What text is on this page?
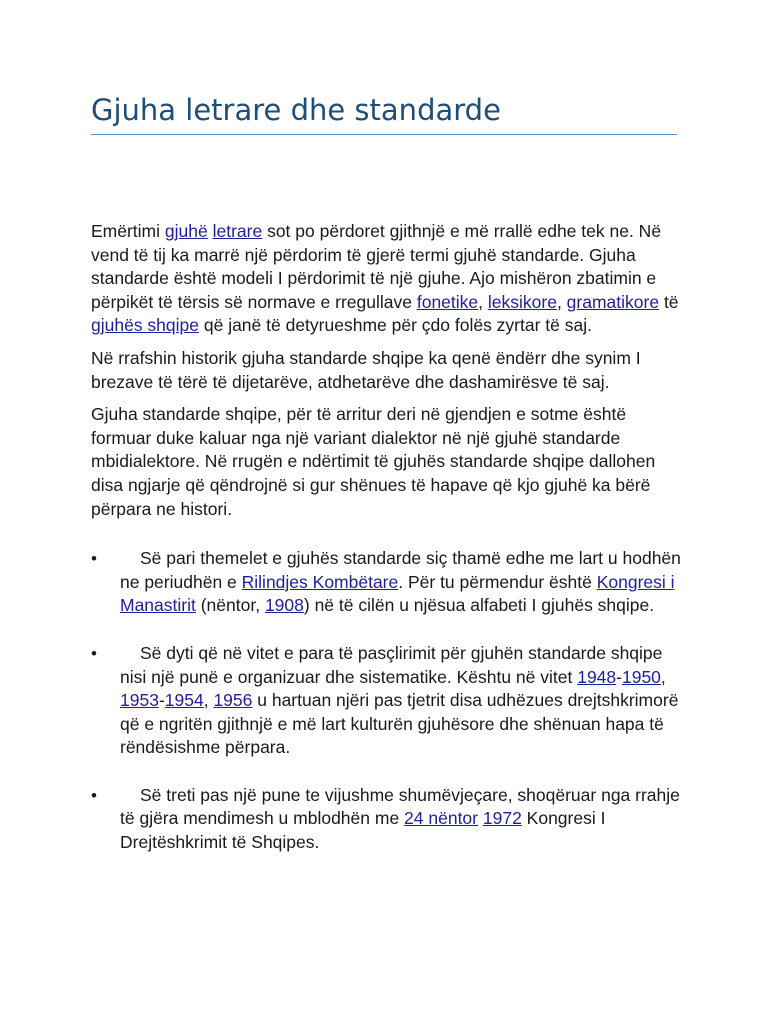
Gjuha letrare dhe standarde

Emërtimi gjuhë letrare sot po përdoret gjithnjë e më rrallë edhe tek ne. Në vend të tij ka marrë një përdorim të gjerë termi gjuhë standarde. Gjuha standarde është modeli I përdorimit të një gjuhe. Ajo mishëron zbatimin e përpikët të tërsis së normave e rregullave fonetike, leksikore, gramatikore të gjuhës shqipe që janë të detyrueshme për çdo folës zyrtar të saj.

Në rrafshin historik gjuha standarde shqipe ka qenë ëndërr dhe synim I brezave të tërë të dijetarëve, atdhetarëve dhe dashamirësve të saj.

Gjuha standarde shqipe, për të arritur deri në gjendjen e sotme është formuar duke kaluar nga një variant dialektor në një gjuhë standarde mbidialektore. Në rrugën e ndërtimit të gjuhës standarde shqipe dallohen disa ngjarje që qëndrojnë si gur shënues të hapave që kjo gjuhë ka bërë përpara ne histori.

•	Së pari themelet e gjuhës standarde siç thamë edhe me lart u hodhën ne periudhën e Rilindjes Kombëtare. Për tu përmendur është Kongresi i Manastirit (nëntor, 1908) në të cilën u njësua alfabeti I gjuhës shqipe.
•	Së dyti që në vitet e para të pasçlirimit për gjuhën standarde shqipe nisi një punë e organizuar dhe sistematike. Kështu në vitet 1948-1950, 1953-1954, 1956 u hartuan njëri pas tjetrit disa udhëzues drejtshkrimorë që e ngritën gjithnjë e më lart kulturën gjuhësore dhe shënuan hapa të rëndësishme përpara.
•	Së treti pas një pune te vijushme shumëvjeçare, shoqëruar nga rrahje të gjëra mendimesh u mblodhën me 24 nëntor 1972 Kongresi I Drejtëshkrimit të Shqipes.
